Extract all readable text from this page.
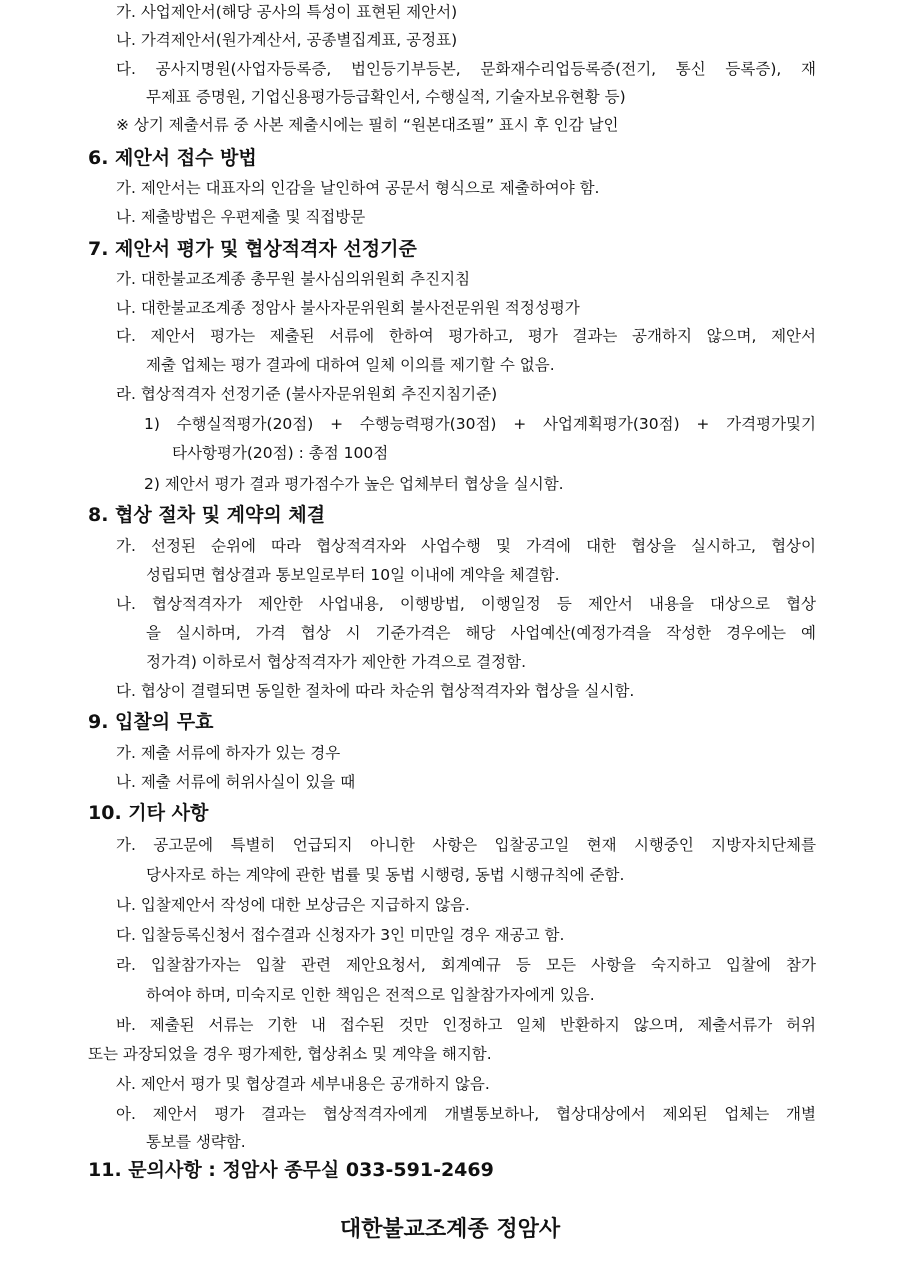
가. 사업제안서(해당 공사의 특성이 표현된 제안서)
나. 가격제안서(원가계산서, 공종별집계표, 공정표)
다. 공사지명원(사업자등록증, 법인등기부등본, 문화재수리업등록증(전기, 통신 등록증), 재
무제표 증명원, 기업신용평가등급확인서, 수행실적, 기술자보유현황 등)
※ 상기 제출서류 중 사본 제출시에는 필히 “원본대조필” 표시 후 인감 날인
6. 제안서 접수 방법
가. 제안서는 대표자의 인감을 날인하여 공문서 형식으로 제출하여야 함.
나. 제출방법은 우편제출 및 직접방문
7. 제안서 평가 및 협상적격자 선정기준
가. 대한불교조계종 총무원 불사심의위원회 추진지침
나. 대한불교조계종 정암사 불사자문위원회 불사전문위원 적정성평가
다. 제안서 평가는 제출된 서류에 한하여 평가하고, 평가 결과는 공개하지 않으며, 제안서
제출 업체는 평가 결과에 대하여 일체 이의를 제기할 수 없음.
라. 협상적격자 선정기준 (불사자문위원회 추진지침기준)
1) 수행실적평가(20점) + 수행능력평가(30점) + 사업계획평가(30점) + 가격평가및기
타사항평가(20점) : 총점 100점
2) 제안서 평가 결과 평가점수가 높은 업체부터 협상을 실시함.
8. 협상 절차 및 계약의 체결
가. 선정된 순위에 따라 협상적격자와 사업수행 및 가격에 대한 협상을 실시하고, 협상이
성립되면 협상결과 통보일로부터 10일 이내에 계약을 체결함.
나. 협상적격자가 제안한 사업내용, 이행방법, 이행일정 등 제안서 내용을 대상으로 협상
을 실시하며, 가격 협상 시 기준가격은 해당 사업예산(예정가격을 작성한 경우에는 예
정가격) 이하로서 협상적격자가 제안한 가격으로 결정함.
다. 협상이 결렬되면 동일한 절차에 따라 차순위 협상적격자와 협상을 실시함.
9. 입찰의 무효
가. 제출 서류에 하자가 있는 경우
나. 제출 서류에 허위사실이 있을 때
10. 기타 사항
가. 공고문에 특별히 언급되지 아니한 사항은 입찰공고일 현재 시행중인 지방자치단체를
당사자로 하는 계약에 관한 법률 및 동법 시행령, 동법 시행규칙에 준함.
나. 입찰제안서 작성에 대한 보상금은 지급하지 않음.
다. 입찰등록신청서 접수결과 신청자가 3인 미만일 경우 재공고 함.
라. 입찰참가자는 입찰 관련 제안요청서, 회계예규 등 모든 사항을 숙지하고 입찰에 참가
하여야 하며, 미숙지로 인한 책임은 전적으로 입찰참가자에게 있음.
바. 제출된 서류는 기한 내 접수된 것만 인정하고 일체 반환하지 않으며, 제출서류가 허위
또는 과장되었을 경우 평가제한, 협상취소 및 계약을 해지함.
사. 제안서 평가 및 협상결과 세부내용은 공개하지 않음.
아. 제안서 평가 결과는 협상적격자에게 개별통보하나, 협상대상에서 제외된 업체는 개별
통보를 생략함.
11. 문의사항 : 정암사 종무실 033-591-2469
대한불교조계종 정암사
